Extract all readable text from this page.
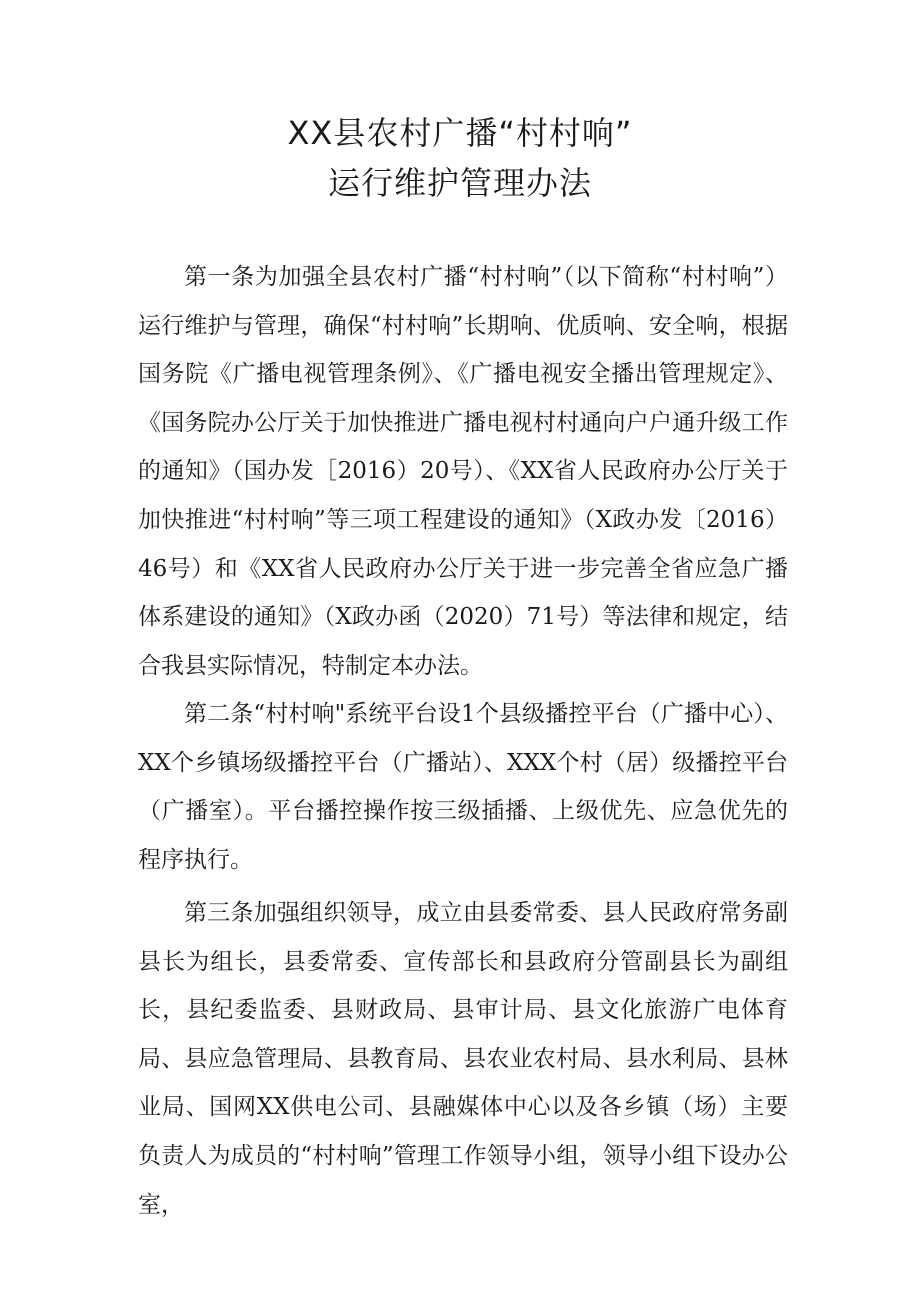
XX县农村广播“村村响”
运行维护管理办法

第一条为加强全县农村广播“村村响”（以下简称“村村响”）运行维护与管理，确保“村村响”长期响、优质响、安全响，根据国务院《广播电视管理条例》、《广播电视安全播出管理规定》、《国务院办公厅关于加快推进广播电视村村通向户户通升级工作的通知》（国办发［2016）20号）、《XX省人民政府办公厅关于加快推进“村村响”等三项工程建设的通知》（X政办发〔2016）46号）和《XX省人民政府办公厅关于进一步完善全省应急广播体系建设的通知》（X政办函（2020）71号）等法律和规定，结合我县实际情况，特制定本办法。

第二条“村村响"系统平台设1个县级播控平台（广播中心）、XX个乡镇场级播控平台（广播站）、XXX个村（居）级播控平台（广播室）。平台播控操作按三级插播、上级优先、应急优先的程序执行。

第三条加强组织领导，成立由县委常委、县人民政府常务副县长为组长，县委常委、宣传部长和县政府分管副县长为副组长，县纪委监委、县财政局、县审计局、县文化旅游广电体育局、县应急管理局、县教育局、县农业农村局、县水利局、县林业局、国网XX供电公司、县融媒体中心以及各乡镇（场）主要负责人为成员的“村村响”管理工作领导小组，领导小组下设办公室，
